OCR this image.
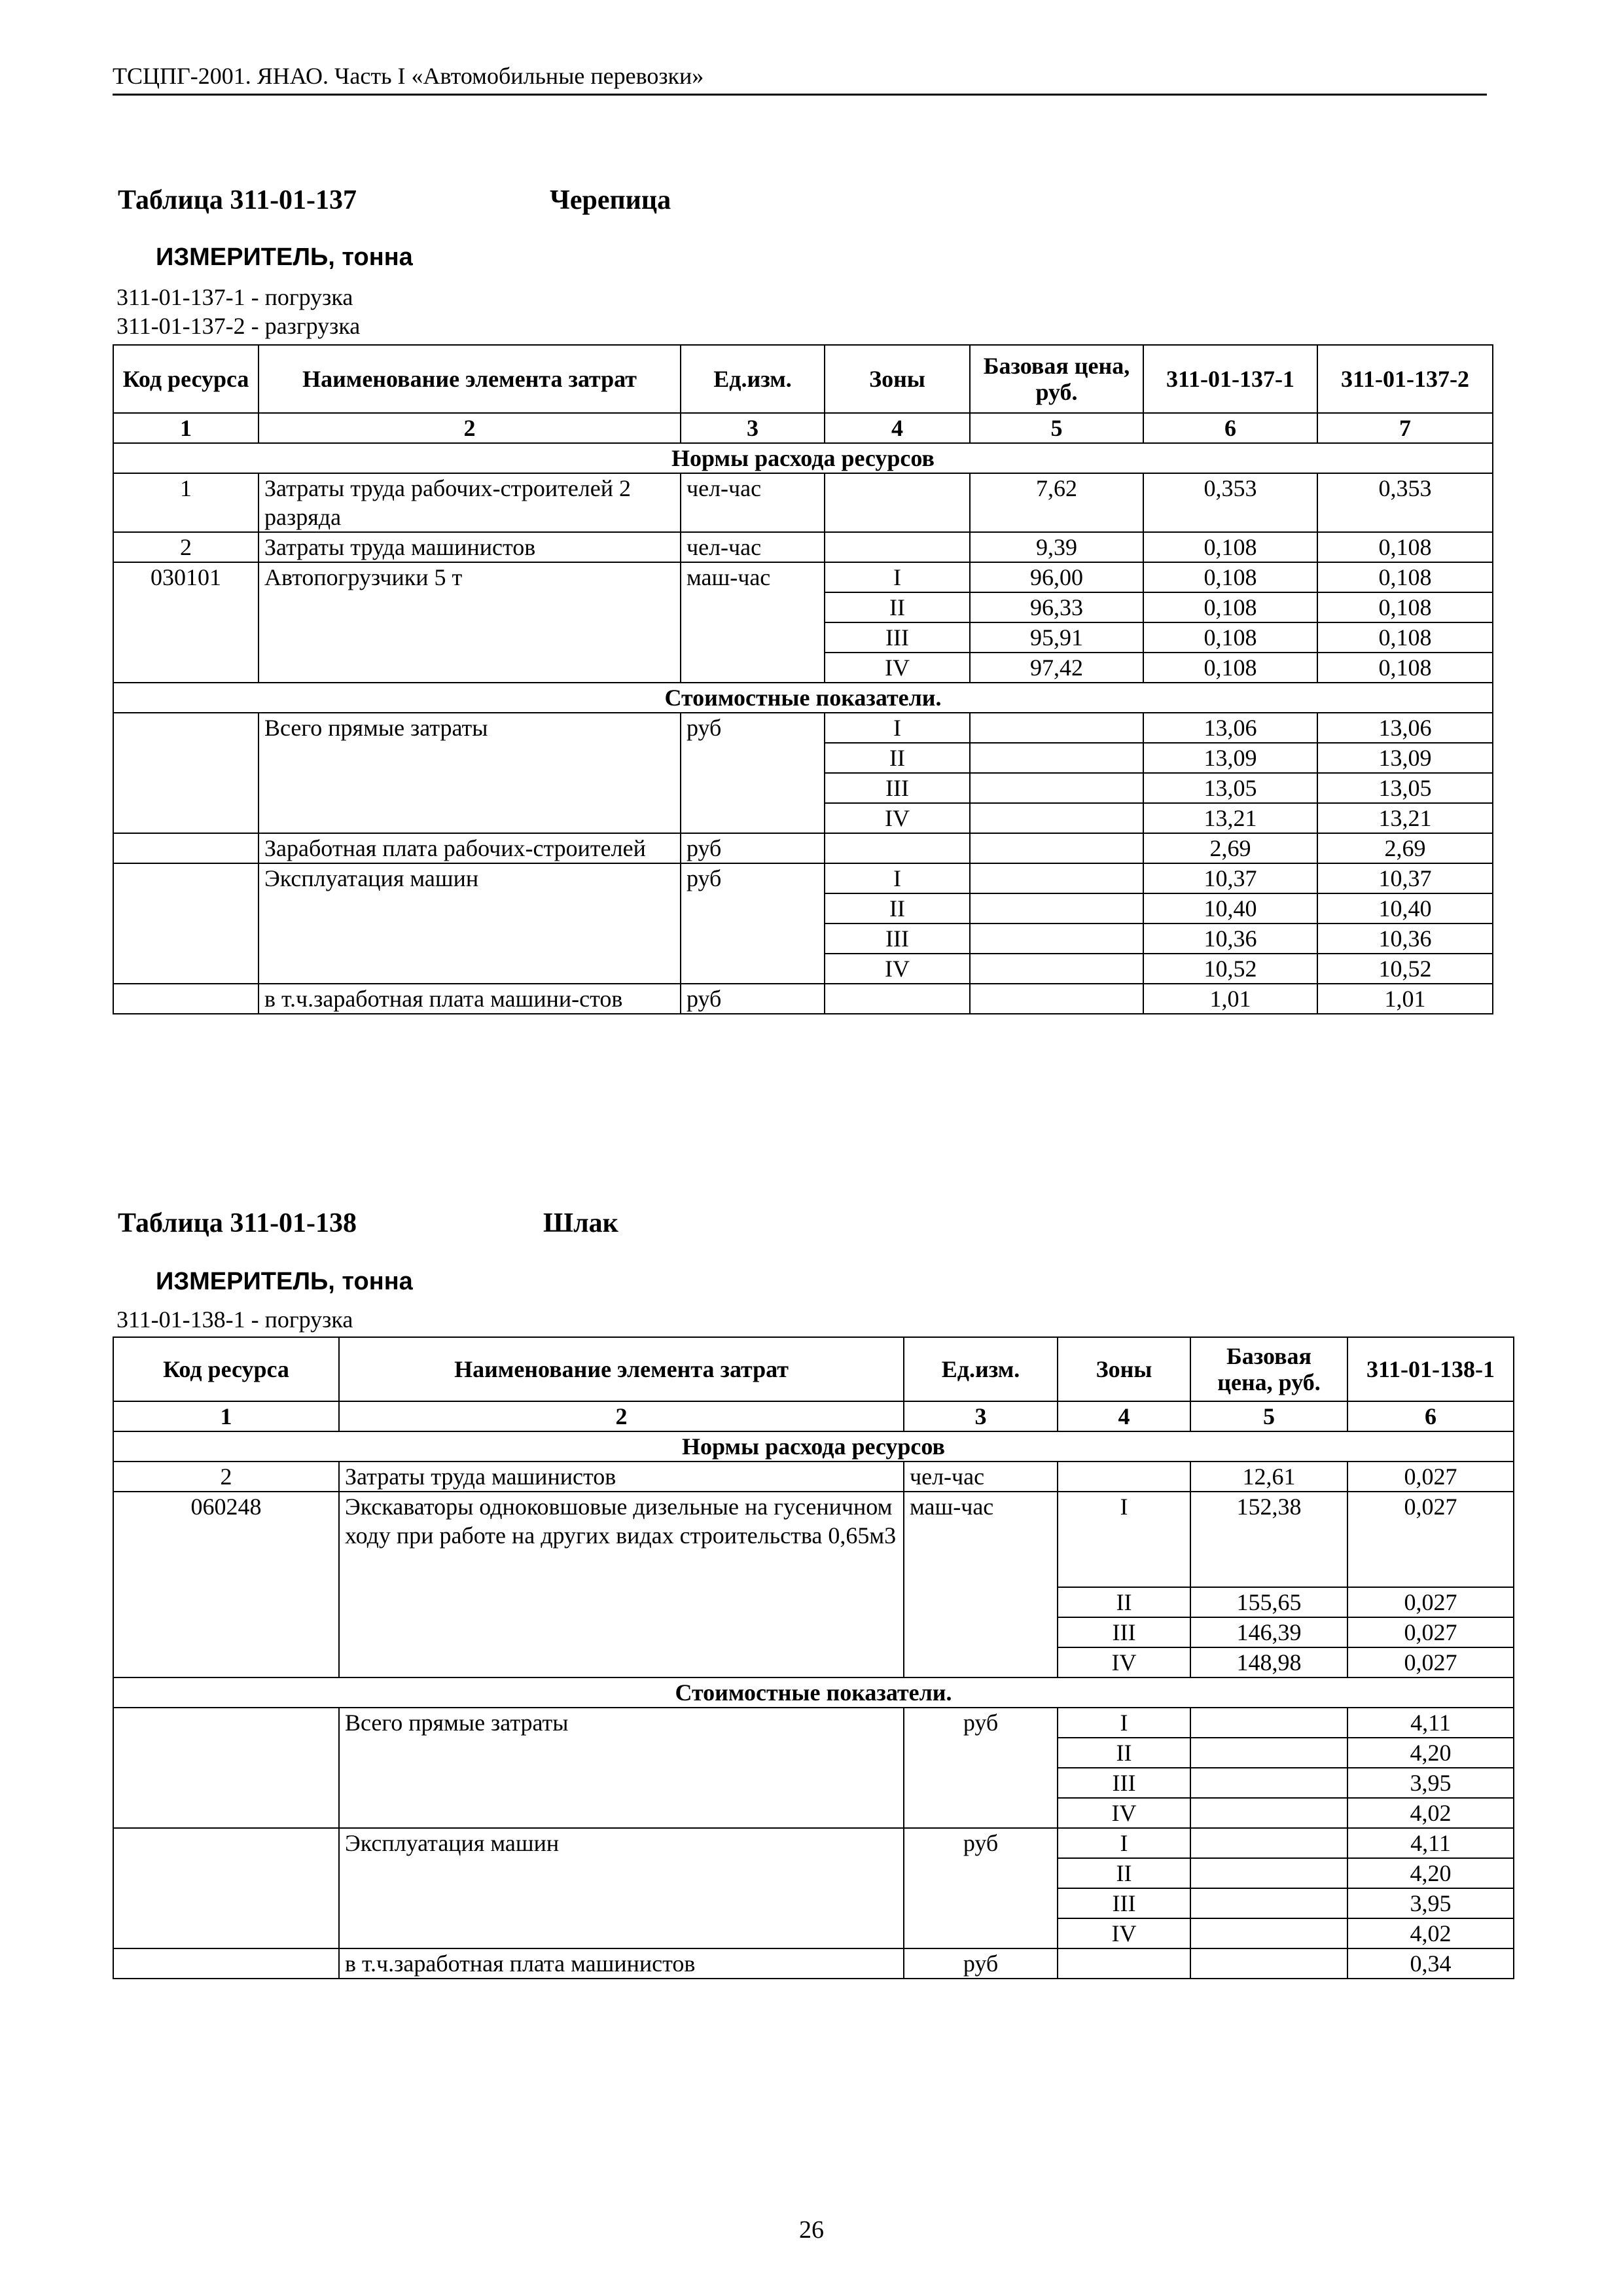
ТСЦПГ-2001. ЯНАО. Часть I «Автомобильные перевозки»
Таблица 311-01-137	Черепица
ИЗМЕРИТЕЛЬ, тонна
311-01-137-1 - погрузка
311-01-137-2 - разгрузка
Код ресурса	Наименование элемента затрат	Ед.изм.	Зоны	Базовая цена, руб.	311-01-137-1	311-01-137-2
1	2	3	4	5	6	7
Нормы расхода ресурсов						
1	Затраты труда рабочих-строителей 2 разряда	чел-час		7,62	0,353	0,353
2	Затраты труда машинистов	чел-час		9,39	0,108	0,108
030101	Автопогрузчики 5 т	маш-час	I	96,00	0,108	0,108
			II	96,33	0,108	0,108
			III	95,91	0,108	0,108
			IV	97,42	0,108	0,108
Стоимостные показатели.						
	Всего прямые затраты	руб	I		13,06	13,06
			II		13,09	13,09
			III		13,05	13,05
			IV		13,21	13,21
	Заработная плата рабочих-строителей	руб			2,69	2,69
	Эксплуатация машин	руб	I		10,37	10,37
			II		10,40	10,40
			III		10,36	10,36
			IV		10,52	10,52
	в т.ч.заработная плата машини-стов	руб			1,01	1,01
Таблица 311-01-138	Шлак
ИЗМЕРИТЕЛЬ, тонна
311-01-138-1 - погрузка
Код ресурса	Наименование элемента затрат	Ед.изм.	Зоны	Базовая цена, руб.	311-01-138-1
1	2	3	4	5	6
Нормы расхода ресурсов					
2	Затраты труда машинистов	чел-час		12,61	0,027
060248	Экскаваторы одноковшовые дизельные на гусеничном ходу при работе на других видах строительства 0,65м3	маш-час	I	152,38	0,027
			II	155,65	0,027
			III	146,39	0,027
			IV	148,98	0,027
Стоимостные показатели.					
	Всего прямые затраты	руб	I		4,11
			II		4,20
			III		3,95
			IV		4,02
	Эксплуатация машин	руб	I		4,11
			II		4,20
			III		3,95
			IV		4,02
	в т.ч.заработная плата машинистов	руб			0,34
26
